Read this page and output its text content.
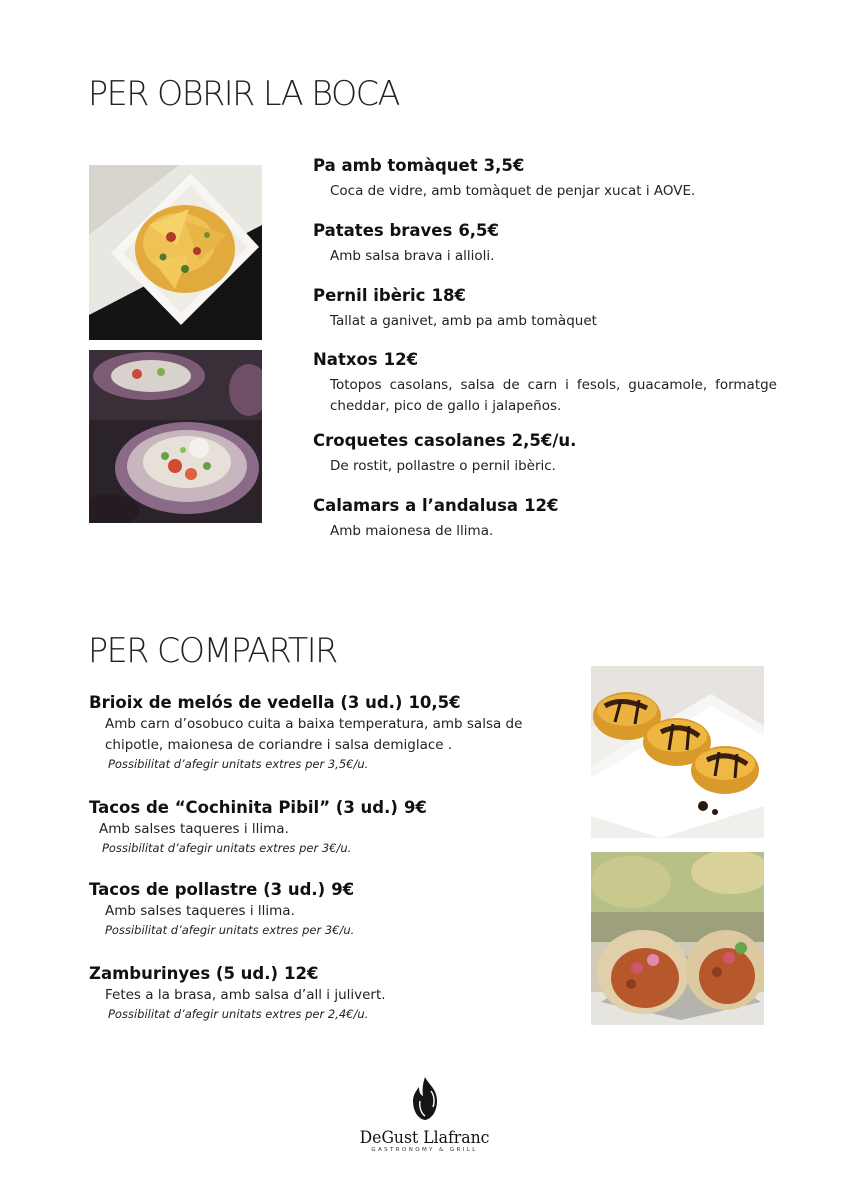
PER OBRIR LA BOCA
Pa amb tomàquet 3,5€
Coca de vidre, amb tomàquet de penjar xucat i AOVE.
Patates braves 6,5€
Amb salsa brava i allioli.
Pernil ibèric 18€
Tallat a ganivet, amb pa amb tomàquet
Natxos 12€
Totopos casolans, salsa de carn i fesols, guacamole, formatge cheddar, pico de gallo i jalapeños.
Croquetes casolanes 2,5€/u.
De rostit, pollastre o pernil ibèric.
Calamars a l’andalusa 12€
Amb maionesa de llima.
PER COMPARTIR
Brioix de melós de vedella (3 ud.) 10,5€
Amb carn d’osobuco cuita a baixa temperatura, amb salsa de chipotle, maionesa de coriandre i salsa demiglace .
Possibilitat d’afegir unitats extres per 3,5€/u.
Tacos de “Cochinita Pibil” (3 ud.) 9€
Amb salses taqueres i llima.
Possibilitat d’afegir unitats extres per 3€/u.
Tacos de pollastre (3 ud.) 9€
Amb salses taqueres i llima.
Possibilitat d’afegir unitats extres per 3€/u.
Zamburinyes (5 ud.) 12€
Fetes a la brasa, amb salsa d’all i julivert.
Possibilitat d’afegir unitats extres per 2,4€/u.
DeGust Llafranc
GASTRONOMY & GRILL
